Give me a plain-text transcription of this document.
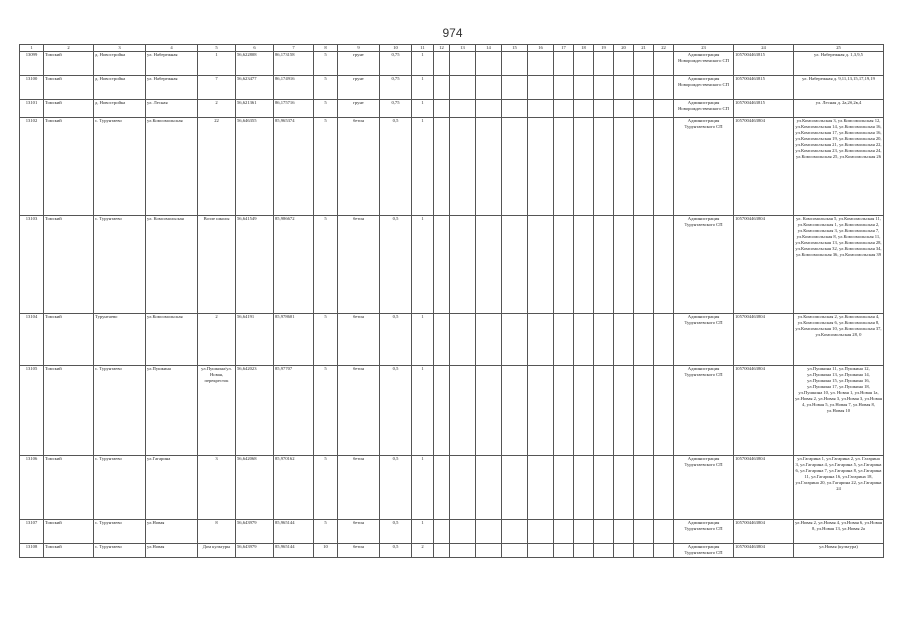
974
1	2	3	4	5	6	7	8	9	10	11	12	13	14	15	16	17	18	19	20	21	22	23	24	25
13099	Томский	д. Новостройка	ул. Набережная	1	56,622808	86,173158	5	грунт	0,75	1												Администрация Новорождественского СП	1057004463815	ул. Набережная д. 1,3,9,5
13100	Томский	д. Новостройка	ул. Набережная	7	56,623477	86,174916	5	грунт	0,75	1												Администрация Новорождественского СП	1057004463815	ул. Набережная д. 9,11,13,15,17,19,19
13101	Томский	д. Новостройка	ул. Лесная	2	56,621361	86,175716	5	грунт	0,75	1												Администрация Новорождественского СП	1057004463815	ул. Лесная д. 2а,2б,2в,4
13102	Томский	с. Турунтаево	ул.Комсомольская	22	56,646355	85,965374	5	бетон	0,5	1												Администрация Турунтаевского СП	1057004463804	ул.Комсомольская 3, ул.Комсомольская 12, ул.Комсомольская 14, ул.Комсомольская 16, ул.Комсомольская 17, ул.Комсомольская 16, ул.Комсомольская 19, ул.Комсомольская 20, ул.Комсомольская 21, ул.Комсомольская 22, ул.Комсомольская 23, ул.Комсомольская 24, ул.Комсомольская 25, ул.Комсомольская 26
13103	Томский	с. Турунтаево	ул. Комсомольская	Возле школы	56,641549	85,986672	5	бетон	0,5	1												Администрация Турунтаевского СП	1057004463804	ул. Комсомольская 5, ул.Комсомольская 11, ул.Комсомольская 1, ул.Комсомольская 2, ул.Комсомольская 3, ул.Комсомольская 7, ул.Комсомольская 8, ул.Комсомольская 11, ул.Комсомольская 13, ул.Комсомольская 28, ул.Комсомольская 32, ул.Комсомольская 34, ул.Комсомольская 36, ул.Комсомольская 39
13104	Томский	Турунтаево	ул.Комсомольская	2	56,64191	85,978601	5	бетон	0,5	1												Администрация Турунтаевского СП	1057004463804	ул.Комсомольская 2, ул.Комсомольская 4, ул.Комсомольская 6, ул.Комсомольская 8, ул.Комсомольская 10, ул.Комсомольская 37, ул.Комсомольская 28, 0
13105	Томский	с. Турунтаево	ул.Пушкина	ул.Пушкина/ул. Новая, перекресток	56,642023	85,97707	5	бетон	0,5	1												Администрация Турунтаевского СП	1057004463804	ул.Пушкина 11, ул.Пушкина 12, ул.Пушкина 13, ул.Пушкина 14, ул.Пушкина 15, ул.Пушкина 16, ул.Пушкина 17, ул.Пушкина 18, ул.Пушкина 10, ул. Новая 1, ул.Новая 1а, ул.Новая 2, ул.Новая 3, ул.Новая 3, ул.Новая 4, ул.Новая 5, ул.Новая 7, ул.Новая 8, ул.Новая 10
13106	Томский	с. Турунтаево	ул.Гагарина	3	56,642068	85,970162	5	бетон	0,5	1												Администрация Турунтаевского СП	1057004463804	ул.Гагарина 1, ул.Гагарина 2, ул. Гагарина 3, ул.Гагарина 4, ул.Гагарина 5, ул.Гагарина 6, ул.Гагарина 7, ул.Гагарина 8, ул.Гагарина 11, ул.Гагарина 16, ул.Гагарина 18, ул.Гагарина 20, ул.Гагарина 22, ул.Гагарина 24
13107	Томский	с. Турунтаево	ул.Новая	8	56,643979	85,965144	5	бетон	0,5	1												Администрация Турунтаевского СП	1057004463804	ул.Новая 2, ул.Новая 4, ул.Новая 6, ул.Новая 8, ул.Новая 13, ул.Новая 2а
13108	Томский	с. Турунтаево	ул.Новая	Дом культуры	56,643979	85,965144	10	бетон	0,5	2												Администрация Турунтаевского СП	1057004463804	ул.Новая (культура)
